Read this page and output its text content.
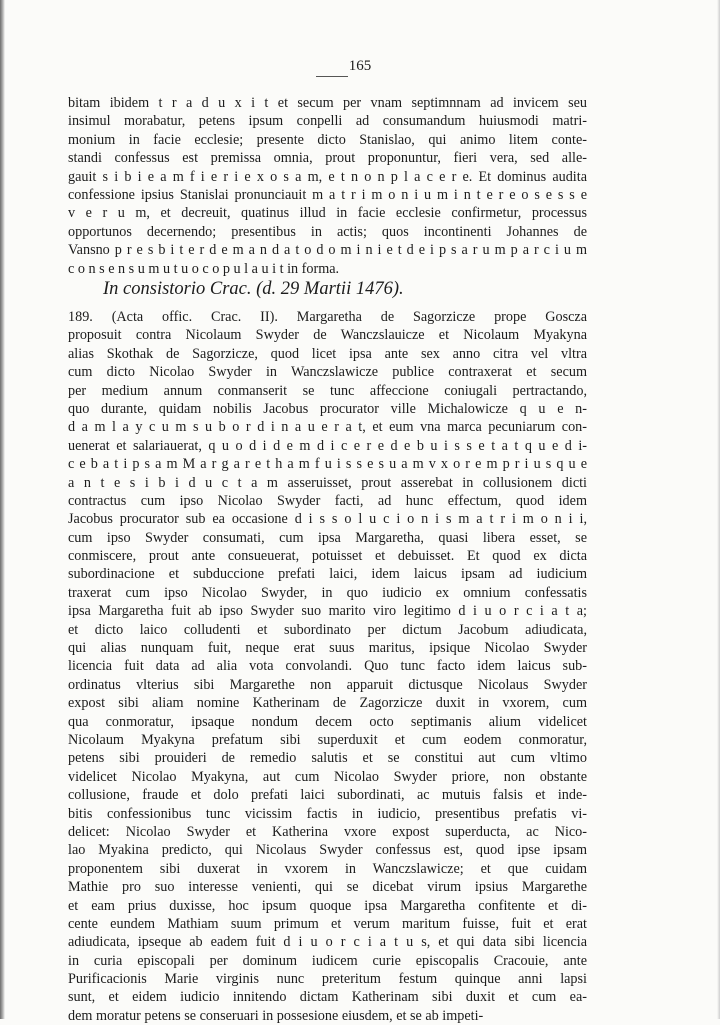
165
bitam ibidem t r a d u x i t et secum per vnam septimnnam ad invicem seu
insimul morabatur, petens ipsum conpelli ad consumandum huiusmodi matri-
monium in facie ecclesie; presente dicto Stanislao, qui animo litem conte-
standi confessus est premissa omnia, prout proponuntur, fieri vera, sed alle-
gauit s i b i e a m f i e r i e x o s a m, e t n o n p l a c e r e. Et dominus audita
confessione ipsius Stanislai pronunciauit m a t r i m o n i u m i n t e r e o s e s s e
v e r u m, et decreuit, quatinus illud in facie ecclesie confirmetur, processus
opportunos decernendo; presentibus in actis; quos incontinenti Johannes de
Vansno p r e s b i t e r d e m a n d a t o d o m i n i e t d e i p s a r u m p a r c i u m
c o n s e n s u m u t u o c o p u l a u i t in forma.
In consistorio Crac. (d. 29 Martii 1476).
189. (Acta offic. Crac. II). Margaretha de Sagorzicze prope Goscza
proposuit contra Nicolaum Swyder de Wanczslauicze et Nicolaum Myakyna
alias Skothak de Sagorzicze, quod licet ipsa ante sex anno citra vel vltra
cum dicto Nicolao Swyder in Wanczslawicze publice contraxerat et secum
per medium annum conmanserit se tunc affeccione coniugali pertractando,
quo durante, quidam nobilis Jacobus procurator ville Michalowicze q u e n-
d a m l a y c u m s u b o r d i n a u e r a t, et eum vna marca pecuniarum con-
uenerat et salariauerat, q u o d i d e m d i c e r e d e b u i s s e t a t q u e d i-
c e b a t i p s a m M a r g a r e t h a m f u i s s e s u a m v x o r e m p r i u s q u e
a n t e s i b i d u c t a m asseruisset, prout asserebat in collusionem dicti
contractus cum ipso Nicolao Swyder facti, ad hunc effectum, quod idem
Jacobus procurator sub ea occasione d i s s o l u c i o n i s m a t r i m o n i i,
cum ipso Swyder consumati, cum ipsa Margaretha, quasi libera esset, se
conmiscere, prout ante consueuerat, potuisset et debuisset. Et quod ex dicta
subordinacione et subduccione prefati laici, idem laicus ipsam ad iudicium
traxerat cum ipso Nicolao Swyder, in quo iudicio ex omnium confessatis
ipsa Margaretha fuit ab ipso Swyder suo marito viro legitimo d i u o r c i a t a;
et dicto laico colludenti et subordinato per dictum Jacobum adiudicata,
qui alias nunquam fuit, neque erat suus maritus, ipsique Nicolao Swyder
licencia fuit data ad alia vota convolandi. Quo tunc facto idem laicus sub-
ordinatus vlterius sibi Margarethe non apparuit dictusque Nicolaus Swyder
expost sibi aliam nomine Katherinam de Zagorzicze duxit in vxorem, cum
qua conmoratur, ipsaque nondum decem octo septimanis alium videlicet
Nicolaum Myakyna prefatum sibi superduxit et cum eodem conmoratur,
petens sibi prouideri de remedio salutis et se constitui aut cum vltimo
videlicet Nicolao Myakyna, aut cum Nicolao Swyder priore, non obstante
collusione, fraude et dolo prefati laici subordinati, ac mutuis falsis et inde-
bitis confessionibus tunc vicissim factis in iudicio, presentibus prefatis vi-
delicet: Nicolao Swyder et Katherina vxore expost superducta, ac Nico-
lao Myakina predicto, qui Nicolaus Swyder confessus est, quod ipse ipsam
proponentem sibi duxerat in vxorem in Wanczslawicze; et que cuidam
Mathie pro suo interesse venienti, qui se dicebat virum ipsius Margarethe
et eam prius duxisse, hoc ipsum quoque ipsa Margaretha confitente et di-
cente eundem Mathiam suum primum et verum maritum fuisse, fuit et erat
adiudicata, ipseque ab eadem fuit d i u o r c i a t u s, et qui data sibi licencia
in curia episcopali per dominum iudicem curie episcopalis Cracouie, ante
Purificacionis Marie virginis nunc preteritum festum quinque anni lapsi
sunt, et eidem iudicio innitendo dictam Katherinam sibi duxit et cum ea-
dem moratur petens se conseruari in possesione eiusdem, et se ab impeti-
